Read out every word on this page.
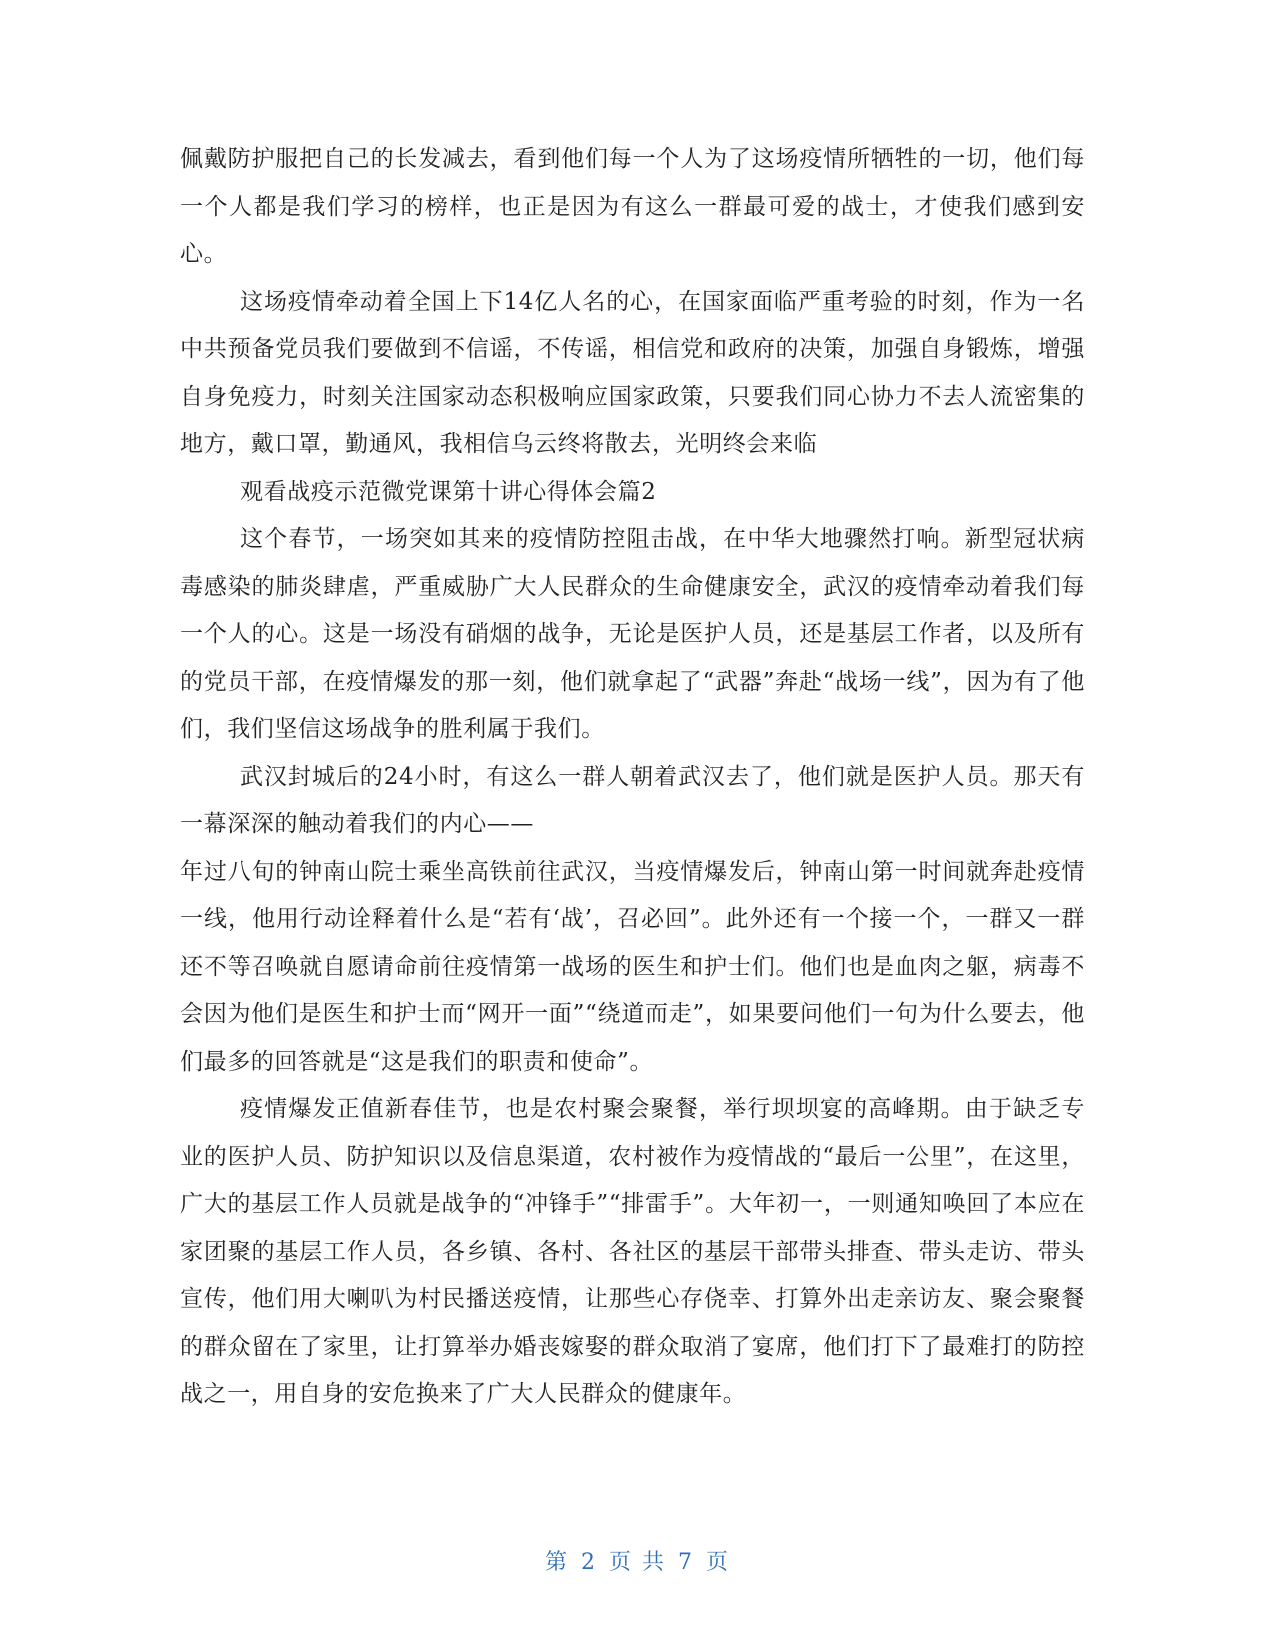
佩戴防护服把自己的长发减去，看到他们每一个人为了这场疫情所牺牲的一切，他们每一个人都是我们学习的榜样，也正是因为有这么一群最可爱的战士，才使我们感到安心。

这场疫情牵动着全国上下14亿人名的心，在国家面临严重考验的时刻，作为一名中共预备党员我们要做到不信谣，不传谣，相信党和政府的决策，加强自身锻炼，增强自身免疫力，时刻关注国家动态积极响应国家政策，只要我们同心协力不去人流密集的地方，戴口罩，勤通风，我相信乌云终将散去，光明终会来临

观看战疫示范微党课第十讲心得体会篇2

这个春节，一场突如其来的疫情防控阻击战，在中华大地骤然打响。新型冠状病毒感染的肺炎肆虐，严重威胁广大人民群众的生命健康安全，武汉的疫情牵动着我们每一个人的心。这是一场没有硝烟的战争，无论是医护人员，还是基层工作者，以及所有的党员干部，在疫情爆发的那一刻，他们就拿起了“武器”奔赴“战场一线”，因为有了他们，我们坚信这场战争的胜利属于我们。

武汉封城后的24小时，有这么一群人朝着武汉去了，他们就是医护人员。那天有一幕深深的触动着我们的内心——

年过八旬的钟南山院士乘坐高铁前往武汉，当疫情爆发后，钟南山第一时间就奔赴疫情一线，他用行动诠释着什么是“若有‘战’，召必回”。此外还有一个接一个，一群又一群还不等召唤就自愿请命前往疫情第一战场的医生和护士们。他们也是血肉之躯，病毒不会因为他们是医生和护士而“网开一面”“绕道而走”，如果要问他们一句为什么要去，他们最多的回答就是“这是我们的职责和使命”。

疫情爆发正值新春佳节，也是农村聚会聚餐，举行坝坝宴的高峰期。由于缺乏专业的医护人员、防护知识以及信息渠道，农村被作为疫情战的“最后一公里”，在这里，广大的基层工作人员就是战争的“冲锋手”“排雷手”。大年初一，一则通知唤回了本应在家团聚的基层工作人员，各乡镇、各村、各社区的基层干部带头排查、带头走访、带头宣传，他们用大喇叭为村民播送疫情，让那些心存侥幸、打算外出走亲访友、聚会聚餐的群众留在了家里，让打算举办婚丧嫁娶的群众取消了宴席，他们打下了最难打的防控战之一，用自身的安危换来了广大人民群众的健康年。

第 2 页 共 7 页
